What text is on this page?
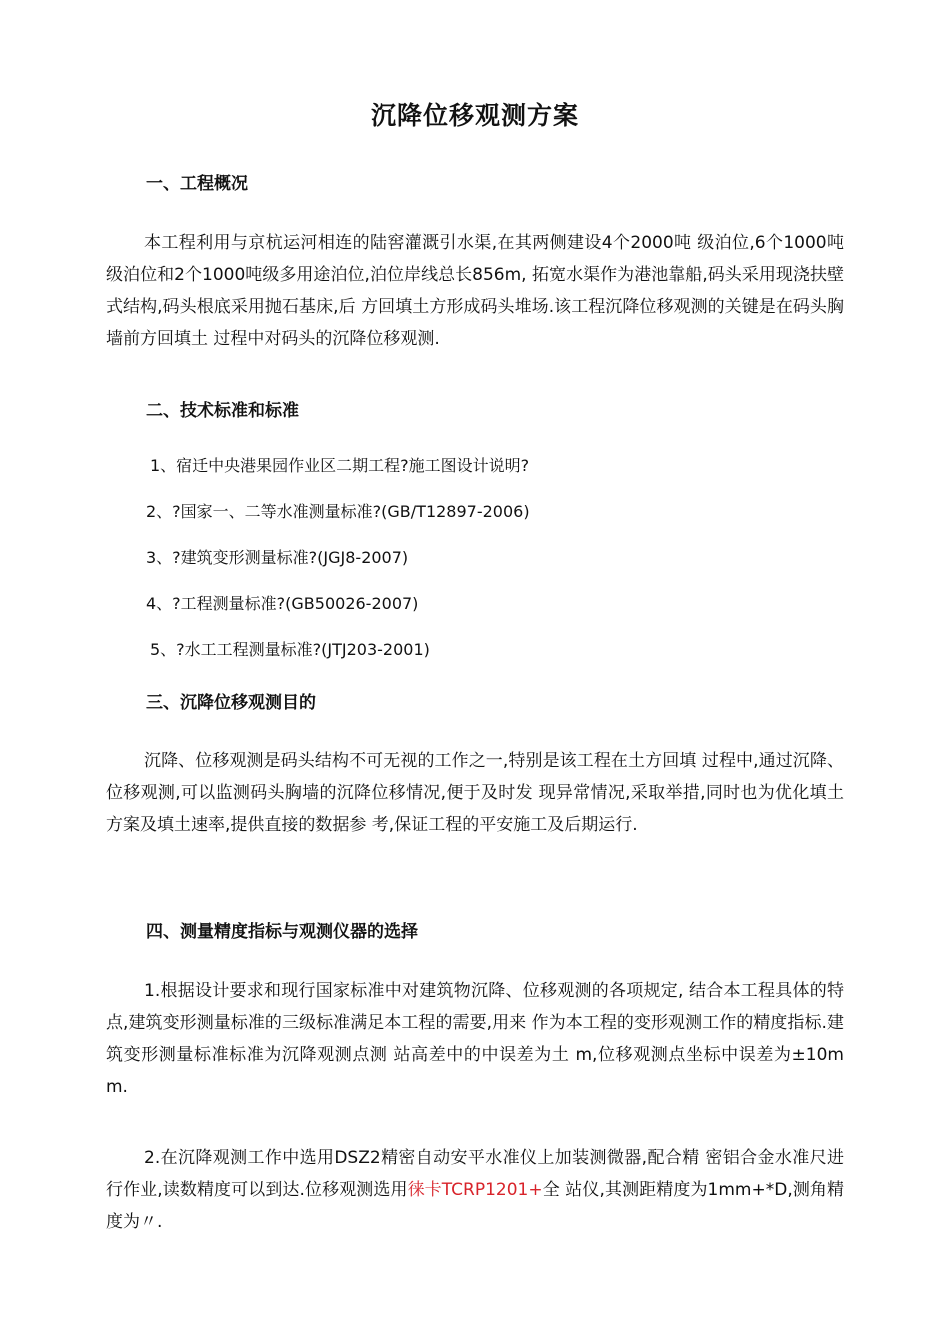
沉降位移观测方案
一、工程概况

本工程利用与京杭运河相连的陆窖灌溉引水渠,在其两侧建设4个2000吨 级泊位,6个1000吨级泊位和2个1000吨级多用途泊位,泊位岸线总长856m, 拓宽水渠作为港池靠船,码头采用现浇扶壁式结构,码头根底采用抛石基床,后 方回填土方形成码头堆场.该工程沉降位移观测的关键是在码头胸墙前方回填土 过程中对码头的沉降位移观测.

二、技术标准和标准
1、宿迁中央港果园作业区二期工程?施工图设计说明?
2、?国家一、二等水准测量标准?(GB/T12897-2006)
3、?建筑变形测量标准?(JGJ8-2007)
4、?工程测量标准?(GB50026-2007)
5、?水工工程测量标准?(JTJ203-2001)
三、沉降位移观测目的

沉降、位移观测是码头结构不可无视的工作之一,特别是该工程在土方回填 过程中,通过沉降、位移观测,可以监测码头胸墙的沉降位移情况,便于及时发 现异常情况,采取举措,同时也为优化填土方案及填土速率,提供直接的数据参 考,保证工程的平安施工及后期运行.

四、测量精度指标与观测仪器的选择

1.根据设计要求和现行国家标准中对建筑物沉降、位移观测的各项规定, 结合本工程具体的特点,建筑变形测量标准的三级标准满足本工程的需要,用来 作为本工程的变形观测工作的精度指标.建筑变形测量标准标准为沉降观测点测 站高差中的中误差为土 m,位移观测点坐标中误差为±10m m.

2.在沉降观测工作中选用DSZ2精密自动安平水准仪上加装测微器,配合精 密铝合金水准尺进行作业,读数精度可以到达.位移观测选用徕卡TCRP1201+全 站仪,其测距精度为1mm+*D,测角精度为〃.
